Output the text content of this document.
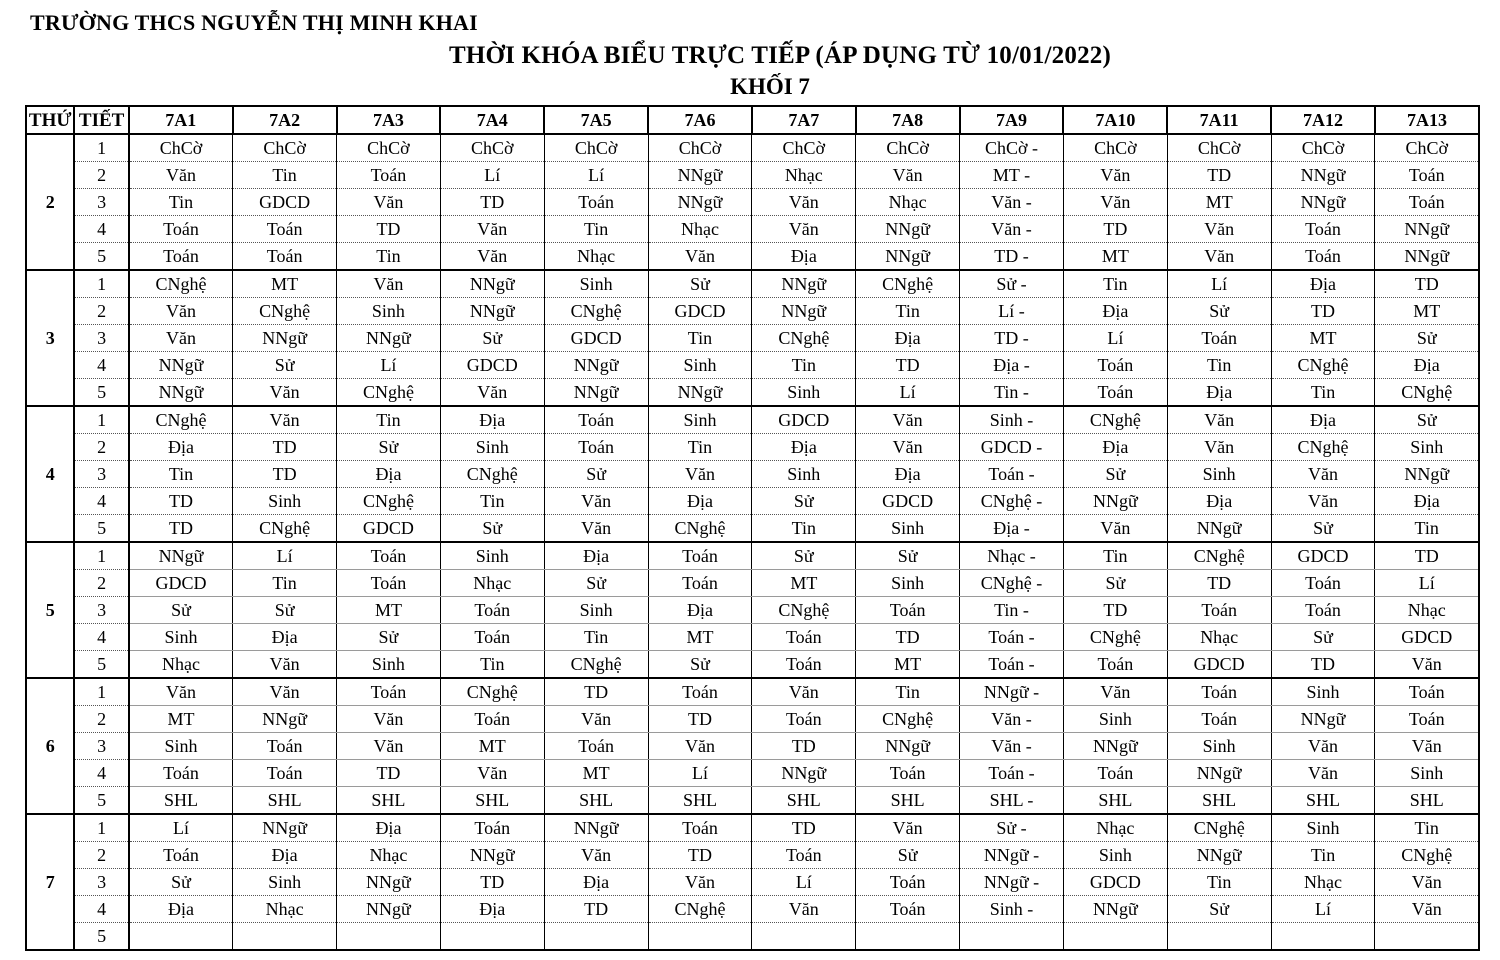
TRƯỜNG THCS NGUYỄN THỊ MINH KHAI
THỜI KHÓA BIỂU TRỰC TIẾP (ÁP DỤNG TỪ 10/01/2022)
KHỐI 7
THỨ	TIẾT	7A1	7A2	7A3	7A4	7A5	7A6	7A7	7A8	7A9	7A10	7A11	7A12	7A13
2	1	ChCờ	ChCờ	ChCờ	ChCờ	ChCờ	ChCờ	ChCờ	ChCờ	ChCờ -	ChCờ	ChCờ	ChCờ	ChCờ
	2	Văn	Tin	Toán	Lí	Lí	NNgữ	Nhạc	Văn	MT -	Văn	TD	NNgữ	Toán
	3	Tin	GDCD	Văn	TD	Toán	NNgữ	Văn	Nhạc	Văn -	Văn	MT	NNgữ	Toán
	4	Toán	Toán	TD	Văn	Tin	Nhạc	Văn	NNgữ	Văn -	TD	Văn	Toán	NNgữ
	5	Toán	Toán	Tin	Văn	Nhạc	Văn	Địa	NNgữ	TD -	MT	Văn	Toán	NNgữ
3	1	CNghệ	MT	Văn	NNgữ	Sinh	Sử	NNgữ	CNghệ	Sử -	Tin	Lí	Địa	TD
	2	Văn	CNghệ	Sinh	NNgữ	CNghệ	GDCD	NNgữ	Tin	Lí -	Địa	Sử	TD	MT
	3	Văn	NNgữ	NNgữ	Sử	GDCD	Tin	CNghệ	Địa	TD -	Lí	Toán	MT	Sử
	4	NNgữ	Sử	Lí	GDCD	NNgữ	Sinh	Tin	TD	Địa -	Toán	Tin	CNghệ	Địa
	5	NNgữ	Văn	CNghệ	Văn	NNgữ	NNgữ	Sinh	Lí	Tin -	Toán	Địa	Tin	CNghệ
4	1	CNghệ	Văn	Tin	Địa	Toán	Sinh	GDCD	Văn	Sinh -	CNghệ	Văn	Địa	Sử
	2	Địa	TD	Sử	Sinh	Toán	Tin	Địa	Văn	GDCD -	Địa	Văn	CNghệ	Sinh
	3	Tin	TD	Địa	CNghệ	Sử	Văn	Sinh	Địa	Toán -	Sử	Sinh	Văn	NNgữ
	4	TD	Sinh	CNghệ	Tin	Văn	Địa	Sử	GDCD	CNghệ -	NNgữ	Địa	Văn	Địa
	5	TD	CNghệ	GDCD	Sử	Văn	CNghệ	Tin	Sinh	Địa -	Văn	NNgữ	Sử	Tin
5	1	NNgữ	Lí	Toán	Sinh	Địa	Toán	Sử	Sử	Nhạc -	Tin	CNghệ	GDCD	TD
	2	GDCD	Tin	Toán	Nhạc	Sử	Toán	MT	Sinh	CNghệ -	Sử	TD	Toán	Lí
	3	Sử	Sử	MT	Toán	Sinh	Địa	CNghệ	Toán	Tin -	TD	Toán	Toán	Nhạc
	4	Sinh	Địa	Sử	Toán	Tin	MT	Toán	TD	Toán -	CNghệ	Nhạc	Sử	GDCD
	5	Nhạc	Văn	Sinh	Tin	CNghệ	Sử	Toán	MT	Toán -	Toán	GDCD	TD	Văn
6	1	Văn	Văn	Toán	CNghệ	TD	Toán	Văn	Tin	NNgữ -	Văn	Toán	Sinh	Toán
	2	MT	NNgữ	Văn	Toán	Văn	TD	Toán	CNghệ	Văn -	Sinh	Toán	NNgữ	Toán
	3	Sinh	Toán	Văn	MT	Toán	Văn	TD	NNgữ	Văn -	NNgữ	Sinh	Văn	Văn
	4	Toán	Toán	TD	Văn	MT	Lí	NNgữ	Toán	Toán -	Toán	NNgữ	Văn	Sinh
	5	SHL	SHL	SHL	SHL	SHL	SHL	SHL	SHL	SHL -	SHL	SHL	SHL	SHL
7	1	Lí	NNgữ	Địa	Toán	NNgữ	Toán	TD	Văn	Sử -	Nhạc	CNghệ	Sinh	Tin
	2	Toán	Địa	Nhạc	NNgữ	Văn	TD	Toán	Sử	NNgữ -	Sinh	NNgữ	Tin	CNghệ
	3	Sử	Sinh	NNgữ	TD	Địa	Văn	Lí	Toán	NNgữ -	GDCD	Tin	Nhạc	Văn
	4	Địa	Nhạc	NNgữ	Địa	TD	CNghệ	Văn	Toán	Sinh -	NNgữ	Sử	Lí	Văn
	5													
